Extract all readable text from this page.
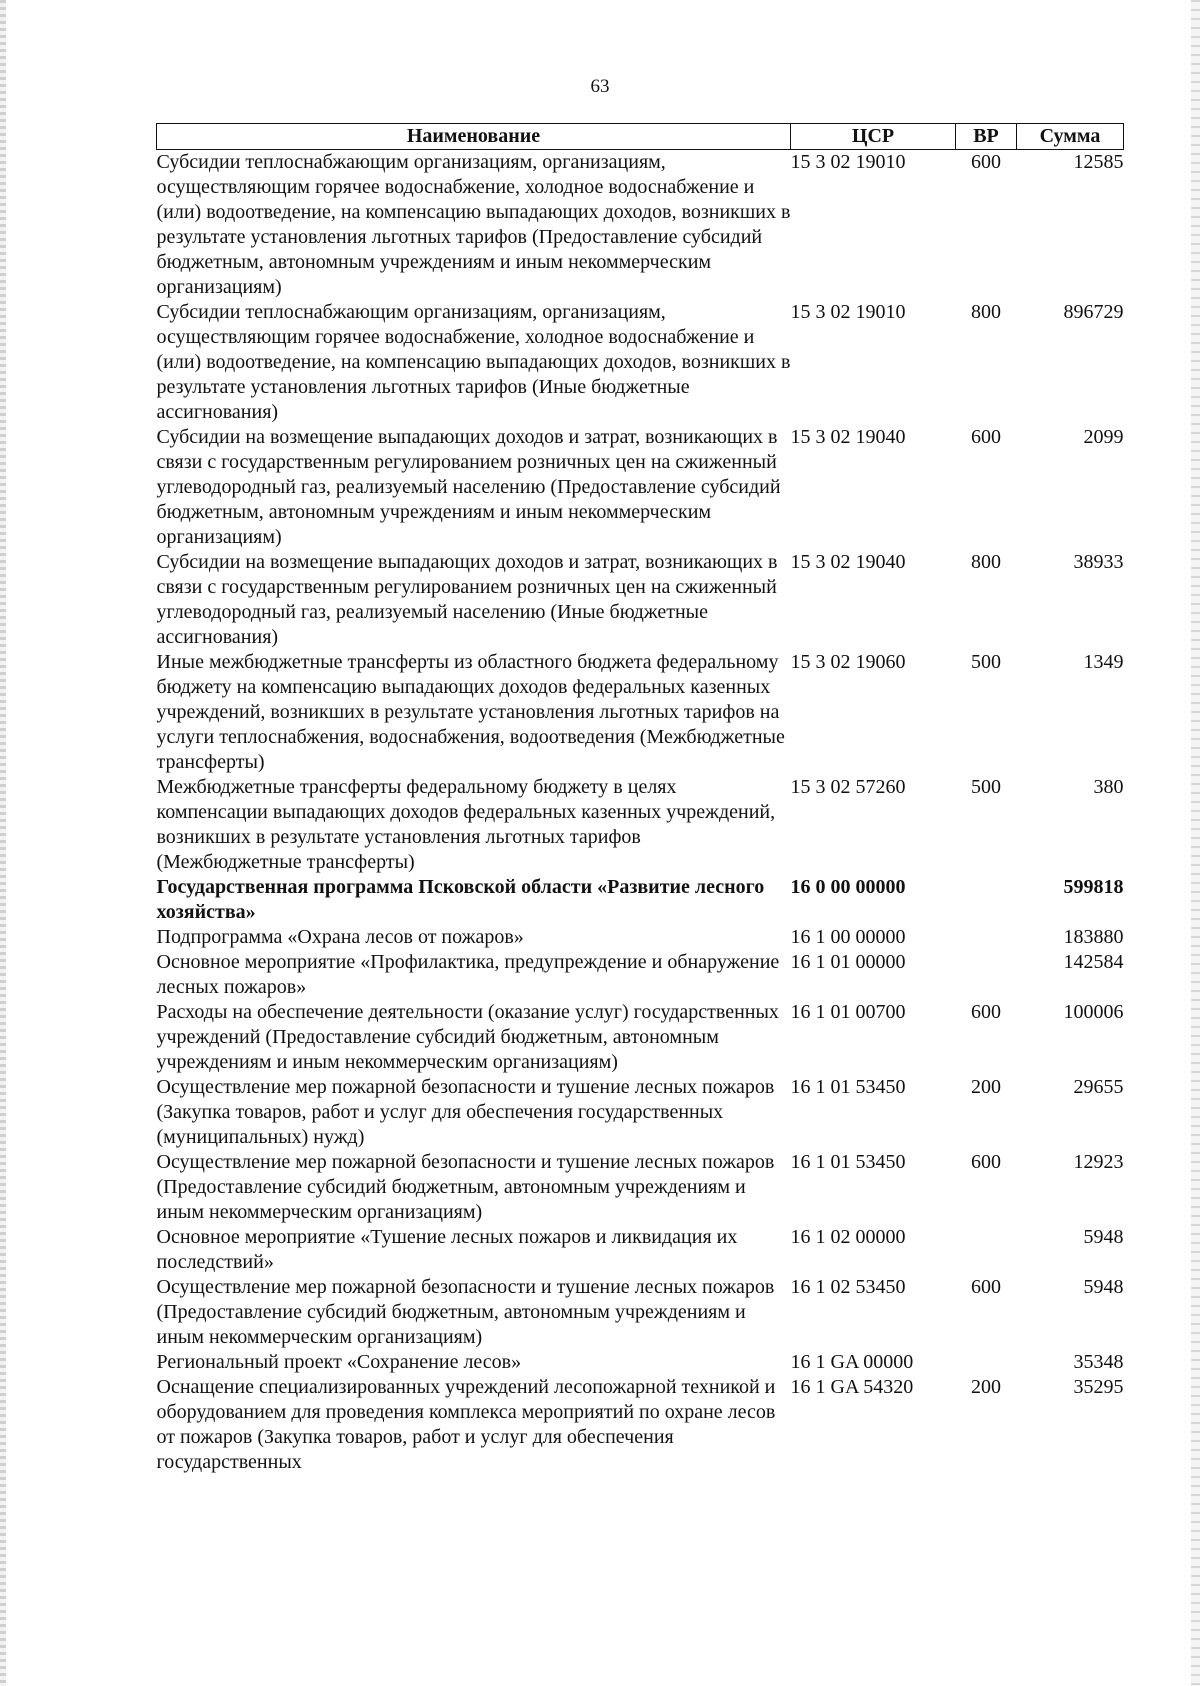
63
Наименование	ЦСР	ВР	Сумма
Субсидии теплоснабжающим организациям, организациям, осуществляющим горячее водоснабжение, холодное водоснабжение и (или) водоотведение, на компенсацию выпадающих доходов, возникших в результате установления льготных тарифов (Предоставление субсидий бюджетным, автономным учреждениям и иным некоммерческим организациям)	15 3 02 19010	600	12585
Субсидии теплоснабжающим организациям, организациям, осуществляющим горячее водоснабжение, холодное водоснабжение и (или) водоотведение, на компенсацию выпадающих доходов, возникших в результате установления льготных тарифов (Иные бюджетные ассигнования)	15 3 02 19010	800	896729
Субсидии на возмещение выпадающих доходов и затрат, возникающих в связи с государственным регулированием розничных цен на сжиженный углеводородный газ, реализуемый населению (Предоставление субсидий бюджетным, автономным учреждениям и иным некоммерческим организациям)	15 3 02 19040	600	2099
Субсидии на возмещение выпадающих доходов и затрат, возникающих в связи с государственным регулированием розничных цен на сжиженный углеводородный газ, реализуемый населению (Иные бюджетные ассигнования)	15 3 02 19040	800	38933
Иные межбюджетные трансферты из областного бюджета федеральному бюджету на компенсацию выпадающих доходов федеральных казенных учреждений, возникших в результате установления льготных тарифов на услуги теплоснабжения, водоснабжения, водоотведения (Межбюджетные трансферты)	15 3 02 19060	500	1349
Межбюджетные трансферты федеральному бюджету в целях компенсации выпадающих доходов федеральных казенных учреждений, возникших в результате установления льготных тарифов (Межбюджетные трансферты)	15 3 02 57260	500	380
Государственная программа Псковской области «Развитие лесного хозяйства»	16 0 00 00000		599818
Подпрограмма «Охрана лесов от пожаров»	16 1 00 00000		183880
Основное мероприятие «Профилактика, предупреждение и обнаружение лесных пожаров»	16 1 01 00000		142584
Расходы на обеспечение деятельности (оказание услуг) государственных учреждений (Предоставление субсидий бюджетным, автономным учреждениям и иным некоммерческим организациям)	16 1 01 00700	600	100006
Осуществление мер пожарной безопасности и тушение лесных пожаров (Закупка товаров, работ и услуг для обеспечения государственных (муниципальных) нужд)	16 1 01 53450	200	29655
Осуществление мер пожарной безопасности и тушение лесных пожаров (Предоставление субсидий бюджетным, автономным учреждениям и иным некоммерческим организациям)	16 1 01 53450	600	12923
Основное мероприятие «Тушение лесных пожаров и ликвидация их последствий»	16 1 02 00000		5948
Осуществление мер пожарной безопасности и тушение лесных пожаров (Предоставление субсидий бюджетным, автономным учреждениям и иным некоммерческим организациям)	16 1 02 53450	600	5948
Региональный проект «Сохранение лесов»	16 1 GA 00000		35348
Оснащение специализированных учреждений лесопожарной техникой и оборудованием для проведения комплекса мероприятий по охране лесов от пожаров (Закупка товаров, работ и услуг для обеспечения государственных	16 1 GA 54320	200	35295
